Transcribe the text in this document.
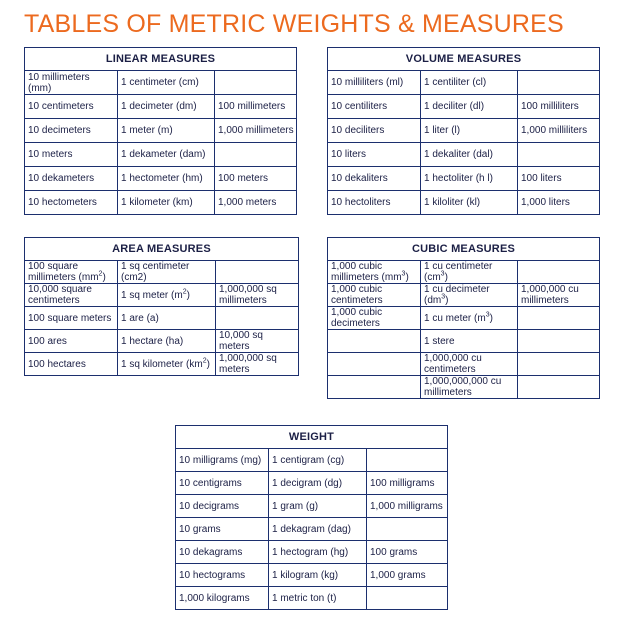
TABLES OF METRIC WEIGHTS & MEASURES
LINEAR MEASURES		
10 millimeters (mm)	1 centimeter (cm)	
10 centimeters	1 decimeter (dm)	100 millimeters
10 decimeters	1 meter (m)	1,000 millimeters
10 meters	1 dekameter (dam)	
10 dekameters	1 hectometer (hm)	100 meters
10 hectometers	1 kilometer (km)	1,000 meters
VOLUME MEASURES		
10 milliliters (ml)	1 centiliter (cl)	
10 centiliters	1 deciliter (dl)	100 milliliters
10 deciliters	1 liter (l)	1,000 milliliters
10 liters	1 dekaliter (dal)	
10 dekaliters	1 hectoliter (h l)	100 liters
10 hectoliters	1 kiloliter (kl)	1,000 liters
AREA MEASURES		
100 square millimeters $(mm^2)$	1 sq centimeter (cm2)	
10,000 square centimeters	1 sq meter $(m^2)$	1,000,000 sq millimeters
100 square meters	1 are (a)	
100 ares	1 hectare (ha)	10,000 sq meters
100 hectares	1 sq kilometer $(km^2)$	1,000,000 sq meters
CUBIC MEASURES		
1,000 cubic millimeters $(mm^3)$	1 cu centimeter $(cm^3)$	
1,000 cubic centimeters	1 cu decimeter $(dm^3)$	1,000,000 cu millimeters
1,000 cubic decimeters	1 cu meter $(m^3)$	
	1 stere	
	1,000,000 cu centimeters	
	1,000,000,000 cu millimeters	
WEIGHT		
10 milligrams (mg)	1 centigram (cg)	
10 centigrams	1 decigram (dg)	100 milligrams
10 decigrams	1 gram (g)	1,000 milligrams
10 grams	1 dekagram (dag)	
10 dekagrams	1 hectogram (hg)	100 grams
10 hectograms	1 kilogram (kg)	1,000 grams
1,000 kilograms	1 metric ton (t)	
